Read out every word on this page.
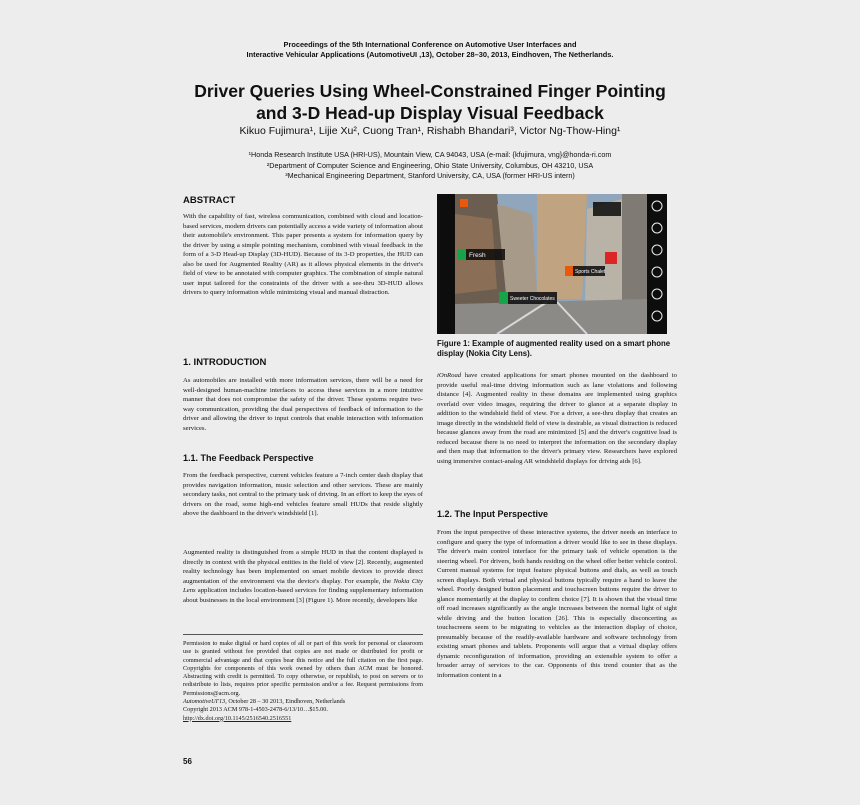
Proceedings of the 5th International Conference on Automotive User Interfaces and
Interactive Vehicular Applications (AutomotiveUI ,13), October 28–30, 2013, Eindhoven, The Netherlands.
Driver Queries Using Wheel-Constrained Finger Pointing
and 3-D Head-up Display Visual Feedback
Kikuo Fujimura¹, Lijie Xu², Cuong Tran¹, Rishabh Bhandari³, Victor Ng-Thow-Hing¹
¹Honda Research Institute USA (HRI-US), Mountain View, CA 94043, USA (e-mail: {kfujimura, vng}@honda-ri.com
²Department of Computer Science and Engineering, Ohio State University, Columbus, OH 43210, USA
³Mechanical Engineering Department, Stanford University, CA, USA (former HRI-US intern)
ABSTRACT

With the capability of fast, wireless communication, combined with cloud and location-based services, modern drivers can potentially access a wide variety of information about their automobile's environment. This paper presents a system for information query by the driver by using a simple pointing mechanism, combined with visual feedback in the form of a 3-D Head-up Display (3D-HUD). Because of its 3-D properties, the HUD can also be used for Augmented Reality (AR) as it allows physical elements in the driver's field of view to be annotated with computer graphics. The combination of simple natural user input tailored for the constraints of the driver with a see-thru 3D-HUD allows drivers to query information while minimizing visual and manual distraction.

1. INTRODUCTION

As automobiles are installed with more information services, there will be a need for well-designed human-machine interfaces to access these services in a more intuitive manner that does not compromise the safety of the driver. These systems require two-way communication, providing the dual perspectives of feedback of information to the driver and allowing the driver to input controls that enable interaction with information services.

1.1. The Feedback Perspective

From the feedback perspective, current vehicles feature a 7-inch center dash display that provides navigation information, music selection and other services. These are mainly secondary tasks, not central to the primary task of driving. In an effort to keep the eyes of drivers on the road, some high-end vehicles feature small HUDs that reside slightly above the dashboard in the driver's windshield [1].

Augmented reality is distinguished from a simple HUD in that the content displayed is directly in context with the physical entities in the field of view [2]. Recently, augmented reality technology has been implemented on smart mobile devices to provide direct augmentation of the environment via the device's display. For example, the Nokia City Lens application includes location-based services for finding supplementary information about businesses in the local environment [3] (Figure 1). More recently, developers like

Permission to make digital or hard copies of all or part of this work for personal or classroom use is granted without fee provided that copies are not made or distributed for profit or commercial advantage and that copies bear this notice and the full citation on the first page. Copyrights for components of this work owned by others than ACM must be honored. Abstracting with credit is permitted. To copy otherwise, or republish, to post on servers or to redistribute to lists, requires prior specific permission and/or a fee. Request permissions from Permissions@acm.org.
AutomotiveUI'13, October 28 – 30 2013, Eindhoven, Netherlands
Copyright 2013 ACM 978-1-4503-2478-6/13/10…$15.00.
http://dx.doi.org/10.1145/2516540.2516551
56
Fresh
Sports Chalet
Sweeter Chocolates
Figure 1: Example of augmented reality used on a smart phone display (Nokia City Lens).

iOnRoad have created applications for smart phones mounted on the dashboard to provide useful real-time driving information such as lane violations and following distance [4]. Augmented reality in these domains are implemented using graphics overlaid over video images, requiring the driver to glance at a separate display in addition to the windshield field of view. For a driver, a see-thru display that creates an image directly in the windshield field of view is desirable, as visual distraction is reduced because glances away from the road are minimized [5] and the driver's cognitive load is reduced because there is no need to interpret the information on the secondary display and then map that information to the driver's primary view. Researchers have explored using immersive contact-analog AR windshield displays for driving aids [6].

1.2. The Input Perspective

From the input perspective of these interactive systems, the driver needs an interface to configure and query the type of information a driver would like to see in these displays. The driver's main control interface for the primary task of vehicle operation is the steering wheel. For drivers, both hands residing on the wheel offer better vehicle control. Current manual systems for input feature physical buttons and dials, as well as touch screen displays. Both virtual and physical buttons typically require a hand to leave the wheel. Poorly designed button placement and touchscreen buttons require the driver to glance momentarily at the display to confirm choice [7]. It is shown that the visual time off road increases significantly as the angle increases between the normal light of sight while driving and the button location [26]. This is especially disconcerting as touchscreens seem to be migrating to vehicles as the interaction display of choice, presumably because of the readily-available hardware and software technology from existing smart phones and tablets. Proponents will argue that a virtual display offers dynamic reconfiguration of information, providing an extensible system to offer a broader array of services to the car. Opponents of this trend counter that as the information content in a
